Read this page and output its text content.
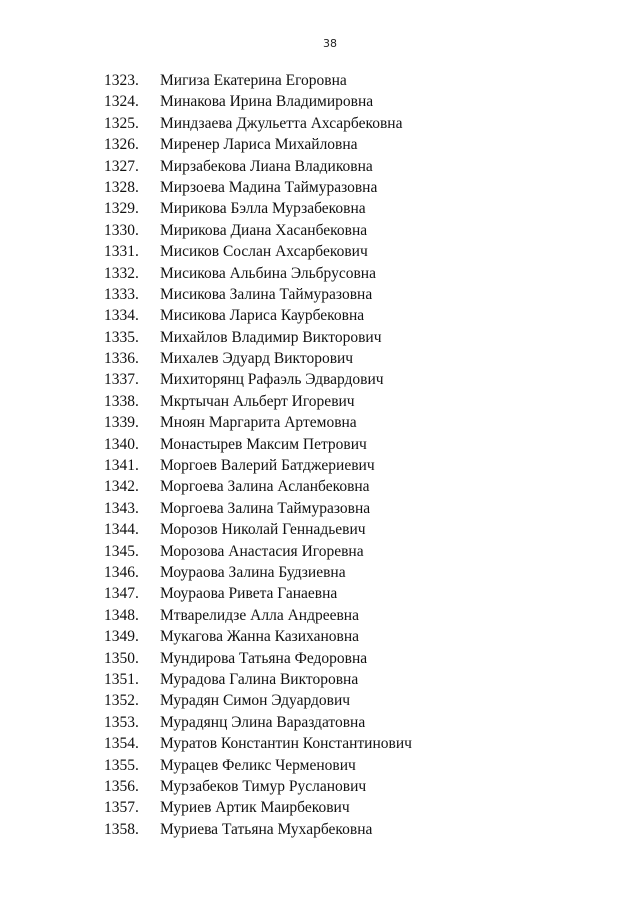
38
1323. Мигиза Екатерина Егоровна
1324. Минакова Ирина Владимировна
1325. Миндзаева Джульетта Ахсарбековна
1326. Миренер Лариса Михайловна
1327. Мирзабекова Лиана Владиковна
1328. Мирзоева Мадина Таймуразовна
1329. Мирикова Бэлла Мурзабековна
1330. Мирикова Диана Хасанбековна
1331. Мисиков Сослан Ахсарбекович
1332. Мисикова Альбина Эльбрусовна
1333. Мисикова Залина Таймуразовна
1334. Мисикова Лариса Каурбековна
1335. Михайлов Владимир Викторович
1336. Михалев Эдуард Викторович
1337. Михиторянц Рафаэль Эдвардович
1338. Мкртычан Альберт Игоревич
1339. Мноян Маргарита Артемовна
1340. Монастырев Максим Петрович
1341. Моргоев Валерий Батджериевич
1342. Моргоева Залина Асланбековна
1343. Моргоева Залина Таймуразовна
1344. Морозов Николай Геннадьевич
1345. Морозова Анастасия Игоревна
1346. Моураова Залина Будзиевна
1347. Моураова Ривета Ганаевна
1348. Мтварелидзе Алла Андреевна
1349. Мукагова Жанна Казихановна
1350. Мундирова Татьяна Федоровна
1351. Мурадова Галина Викторовна
1352. Мурадян Симон Эдуардович
1353. Мурадянц Элина Вараздатовна
1354. Муратов Константин Константинович
1355. Мурацев Феликс Черменович
1356. Мурзабеков Тимур Русланович
1357. Муриев Артик Маирбекович
1358. Муриева Татьяна Мухарбековна
